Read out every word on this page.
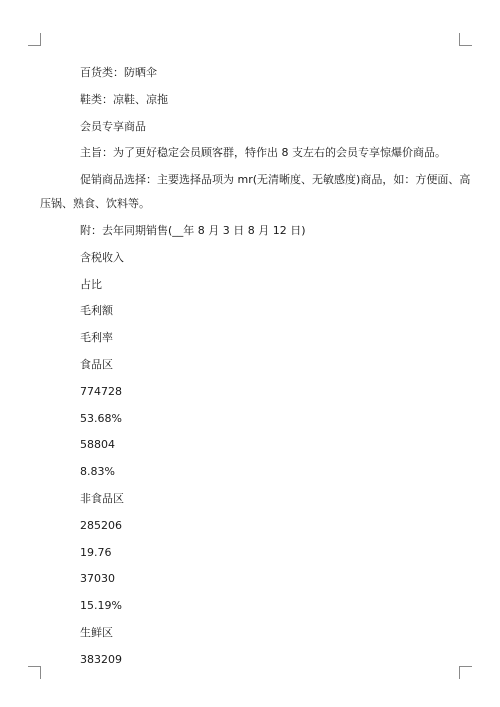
百货类：防晒伞
鞋类：凉鞋、凉拖
会员专享商品
主旨：为了更好稳定会员顾客群，特作出 8 支左右的会员专享惊爆价商品。
促销商品选择：主要选择品项为 mr(无清晰度、无敏感度)商品，如：方便面、高
压锅、熟食、饮料等。
附：去年同期销售(__年 8 月 3 日 8 月 12 日)
含税收入
占比
毛利额
毛利率
食品区
774728
53.68%
58804
8.83%
非食品区
285206
19.76
37030
15.19%
生鲜区
383209
